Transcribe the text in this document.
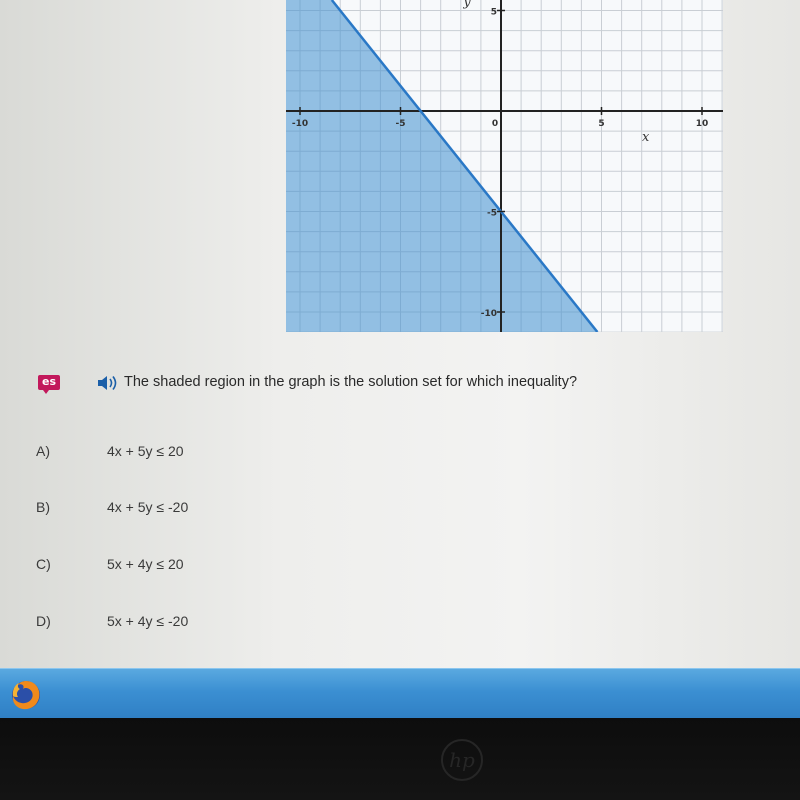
-10	-5	0	5	10
5
-5
-10
x
y
es	The shaded region in the graph is the solution set for which inequality?
A)	4x + 5y ≤ 20
B)	4x + 5y ≤ -20
C)	5x + 4y ≤ 20
D)	5x + 4y ≤ -20
hp
